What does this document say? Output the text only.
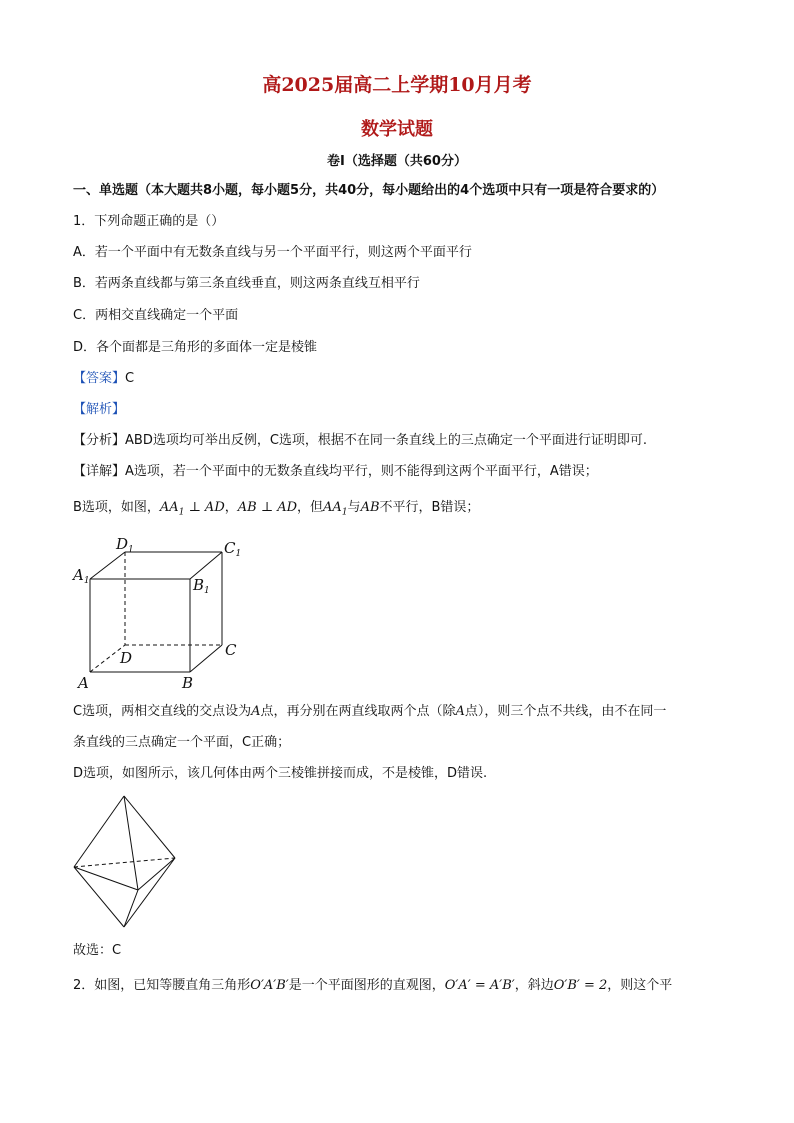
高2025届高二上学期10月月考
数学试题
卷I（选择题（共60分）
一、单选题（本大题共8小题，每小题5分，共40分，每小题给出的4个选项中只有一项是符合要求的）
1．下列命题正确的是（）
A．若一个平面中有无数条直线与另一个平面平行，则这两个平面平行
B．若两条直线都与第三条直线垂直，则这两条直线互相平行
C．两相交直线确定一个平面
D．各个面都是三角形的多面体一定是棱锥
【答案】C
【解析】
【分析】ABD选项均可举出反例，C选项，根据不在同一条直线上的三点确定一个平面进行证明即可.
【详解】A选项，若一个平面中的无数条直线均平行，则不能得到这两个平面平行，A错误；
B选项，如图，$AA_1$ ⊥ AD，AB ⊥ AD，但$AA_1$与AB不平行，B错误；
$D_1$	$C_1$
$A_1$	$B_1$
C
D
A	B
C选项，两相交直线的交点设为A点，再分别在两直线取两个点（除A点），则三个点不共线，由不在同一
条直线的三点确定一个平面，C正确；
D选项，如图所示，该几何体由两个三棱锥拼接而成，不是棱锥，D错误.
故选：C
2．如图，已知等腰直角三角形O′A′B′是一个平面图形的直观图，O′A′ = A′B′，斜边O′B′ = 2，则这个平
